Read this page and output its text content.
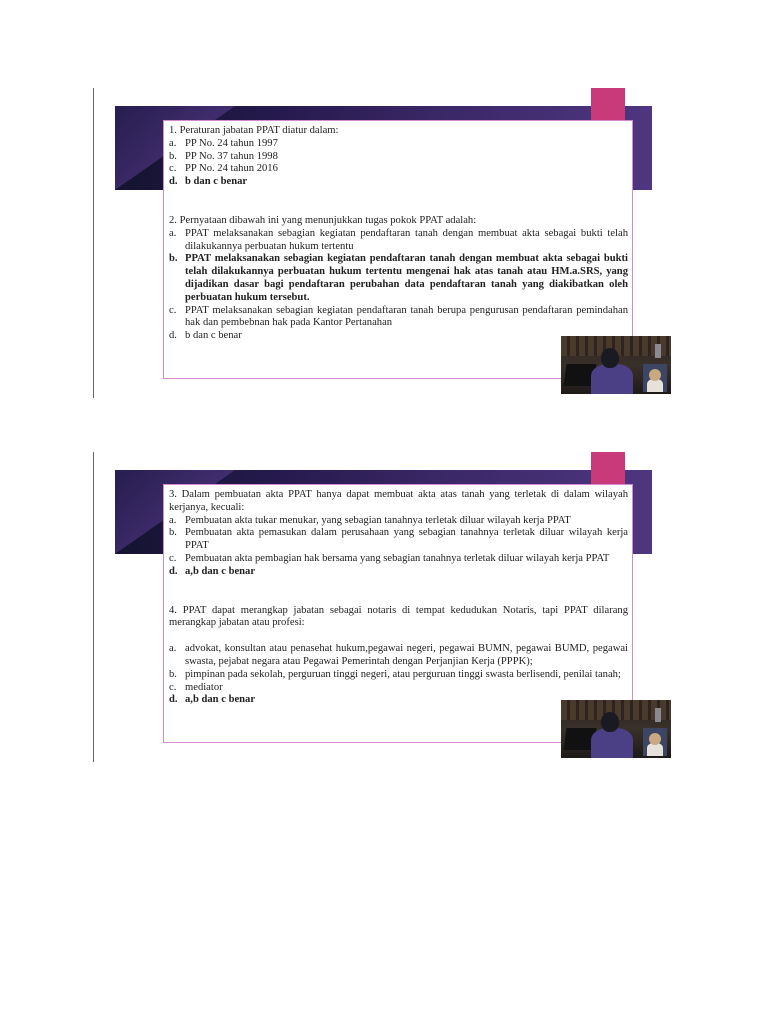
1. Peraturan jabatan PPAT diatur dalam:

a. PP No. 24 tahun 1997
b. PP No. 37 tahun 1998
c. PP No. 24 tahun 2016
d. b dan c benar

2. Pernyataan dibawah ini yang menunjukkan tugas pokok PPAT adalah:

a. PPAT melaksanakan sebagian kegiatan pendaftaran tanah dengan membuat akta sebagai bukti telah dilakukannya perbuatan hukum tertentu
b. PPAT melaksanakan sebagian kegiatan pendaftaran tanah dengan membuat akta sebagai bukti telah dilakukannya perbuatan hukum tertentu mengenai hak atas tanah atau HM.a.SRS, yang dijadikan dasar bagi pendaftaran perubahan data pendaftaran tanah yang diakibatkan oleh perbuatan hukum tersebut.
c. PPAT melaksanakan sebagian kegiatan pendaftaran tanah berupa pengurusan pendaftaran pemindahan hak dan pembebnan hak pada Kantor Pertanahan
d. b dan c benar

3. Dalam pembuatan akta PPAT hanya dapat membuat akta atas tanah yang terletak di dalam wilayah kerjanya, kecuali:

a. Pembuatan akta tukar menukar, yang sebagian tanahnya terletak diluar wilayah kerja PPAT
b. Pembuatan akta pemasukan dalam perusahaan yang sebagian tanahnya terletak diluar wilayah kerja PPAT
c. Pembuatan akta pembagian hak bersama yang sebagian tanahnya terletak diluar wilayah kerja PPAT
d. a,b dan c benar

4. PPAT dapat merangkap jabatan sebagai notaris di tempat kedudukan Notaris, tapi PPAT dilarang merangkap jabatan atau profesi:

a. advokat, konsultan atau penasehat hukum,pegawai negeri, pegawai BUMN, pegawai BUMD, pegawai swasta, pejabat negara atau Pegawai Pemerintah dengan Perjanjian Kerja (PPPK);
b. pimpinan pada sekolah, perguruan tinggi negeri, atau perguruan tinggi swasta berlisendi, penilai tanah;
c. mediator
d. a,b dan c benar
